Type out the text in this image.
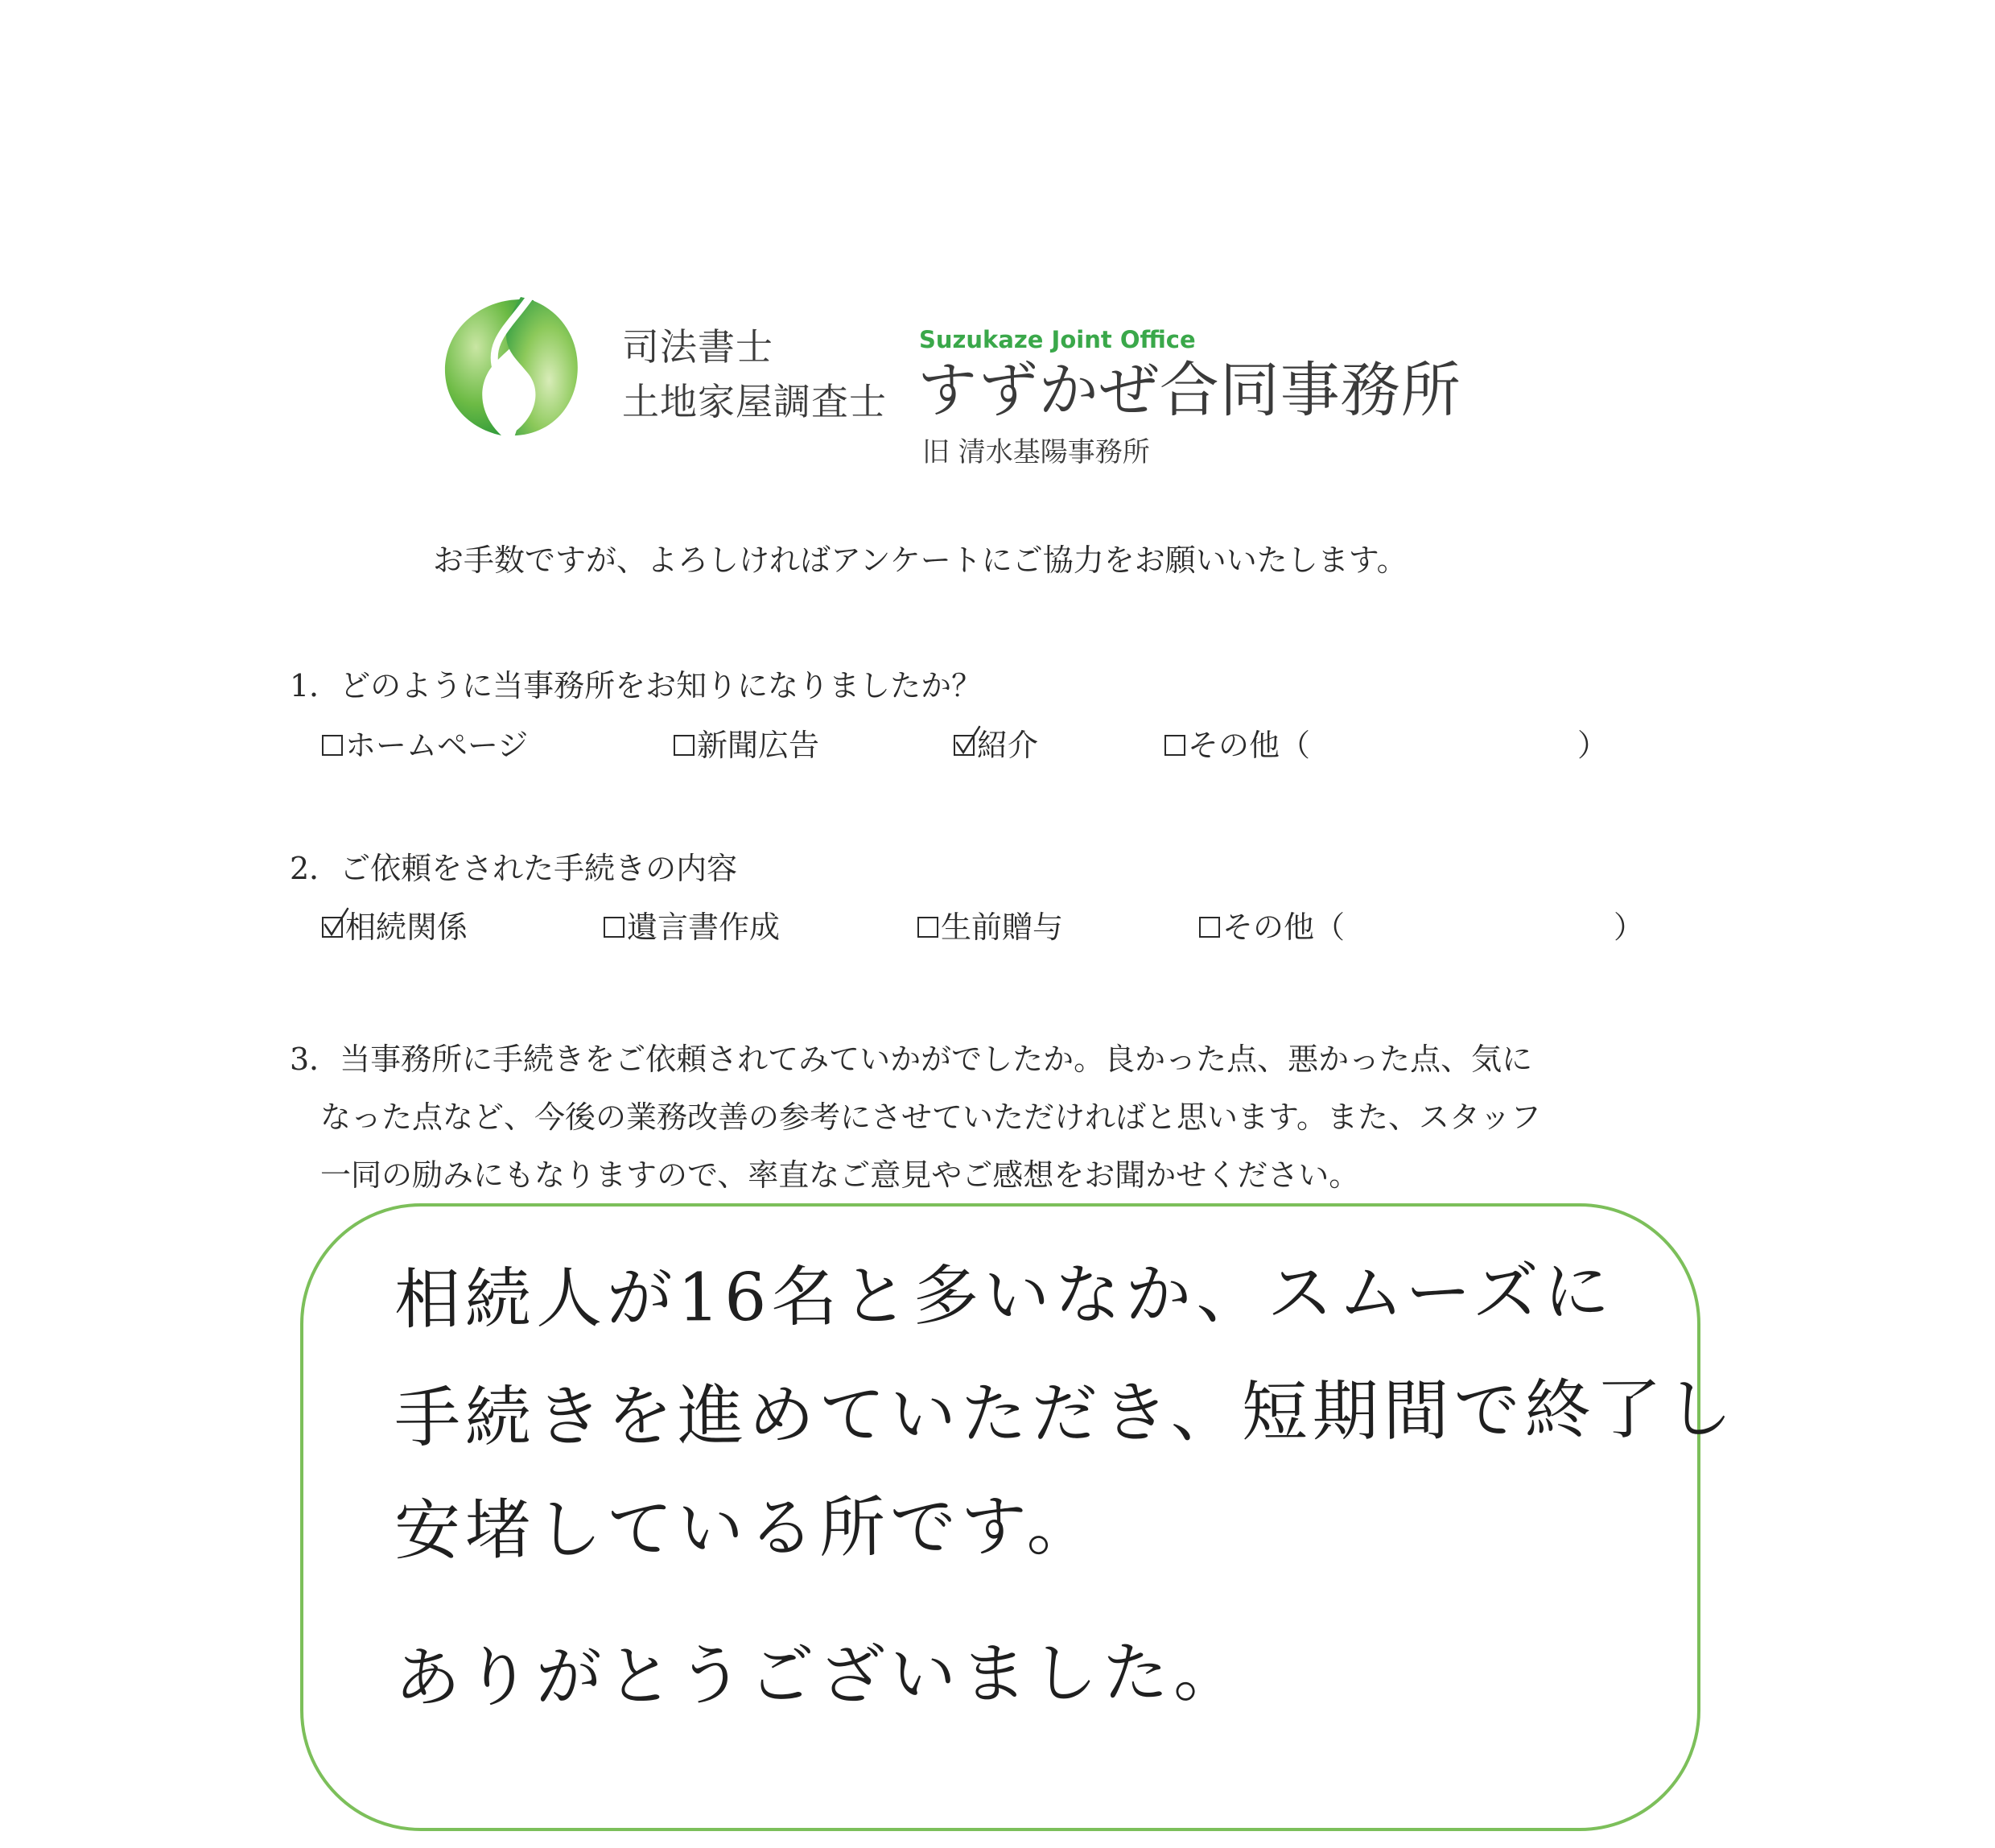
司法書士
土地家屋調査士
Suzukaze Joint Office
すずかぜ合同事務所
旧 清水基陽事務所
お手数ですが、よろしければアンケートにご協力をお願いいたします。
1．どのように当事務所をお知りになりましたか？
ホームページ	新聞広告	紹介	その他（	）
2．ご依頼をされた手続きの内容
相続関係	遺言書作成	生前贈与	その他（	）
3．当事務所に手続きをご依頼されてみていかがでしたか。良かった点、悪かった点、気に
なった点など、今後の業務改善の参考にさせていただければと思います。また、スタッフ
一同の励みにもなりますので、率直なご意見やご感想をお聞かせください。
相続人が16名と多いなか、スムーズに
手続きを進めていただき、短期間で終了し
安堵している所です。
ありがとうございました。
